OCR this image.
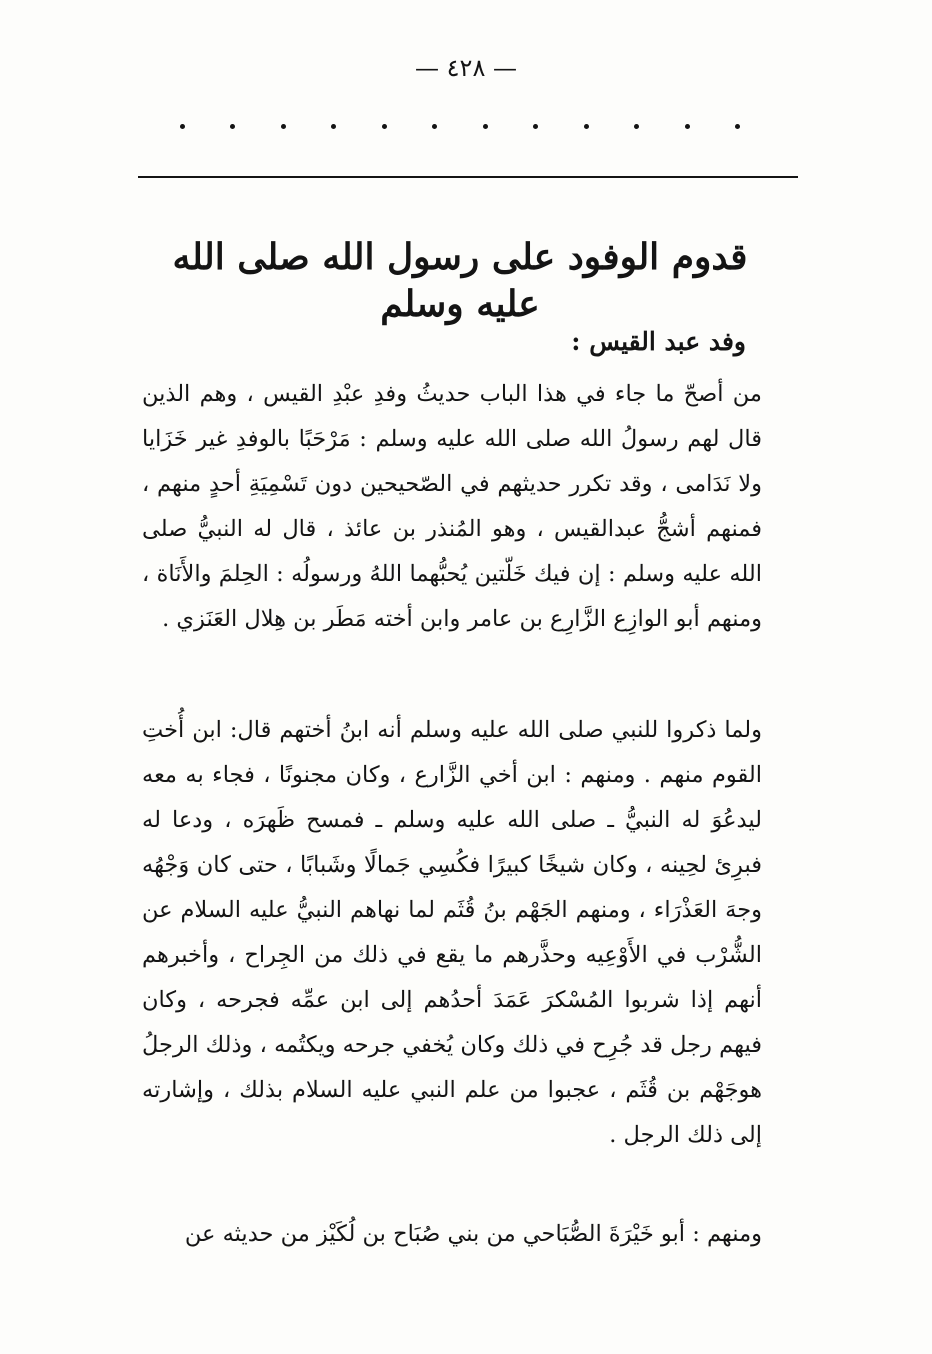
— ٤٢٨ —
قدوم الوفود على رسول الله صلى الله عليه وسلم
وفد عبد القيس :

من أصحّ ما جاء في هذا الباب حديثُ وفدِ عبْدِ القيس ، وهم الذين قال لهم رسولُ الله صلى الله عليه وسلم : مَرْحَبًا بالوفدِ غير خَزَايا ولا نَدَامى ، وقد تكرر حديثهم في الصّحيحين دون تَسْمِيَةِ أحدٍ منهم ، فمنهم أشجُّ عبدالقيس ، وهو المُنذر بن عائذ ، قال له النبيُّ صلى الله عليه وسلم : إن فيك خَلّتين يُحبُّهما اللهُ ورسولُه : الحِلمَ والأَنَاة ، ومنهم أبو الوازِع الزَّارِع بن عامر وابن أخته مَطَر بن هِلال العَنَزي .

ولما ذكروا للنبي صلى الله عليه وسلم أنه ابنُ أختهم قال: ابن أُختِ القوم منهم . ومنهم : ابن أخي الزَّارع ، وكان مجنونًا ، فجاء به معه ليدعُوَ له النبيُّ ـ صلى الله عليه وسلم ـ فمسح ظَهرَه ، ودعا له فبرِئ لحِينه ، وكان شيخًا كبيرًا فكُسِي جَمالًا وشَبابًا ، حتى كان وَجْهُه وجهَ العَذْرَاء ، ومنهم الجَهْم بنُ قُثَم لما نهاهم النبيُّ عليه السلام عن الشُّرْب في الأَوْعِيه وحذَّرهم ما يقع في ذلك من الجِراح ، وأخبرهم أنهم إذا شربوا المُسْكرَ عَمَدَ أحدُهم إلى ابن عمِّه فجرحه ، وكان فيهم رجل قد جُرِح في ذلك وكان يُخفي جرحه ويكتُمه ، وذلك الرجلُ هوجَهْم بن قُثَم ، عجبوا من علم النبي عليه السلام بذلك ، وإشارته إلى ذلك الرجل .

ومنهم : أبو خَيْرَةَ الصُّبَاحي من بني صُبَاح بن لُكَيْز من حديثه عن
